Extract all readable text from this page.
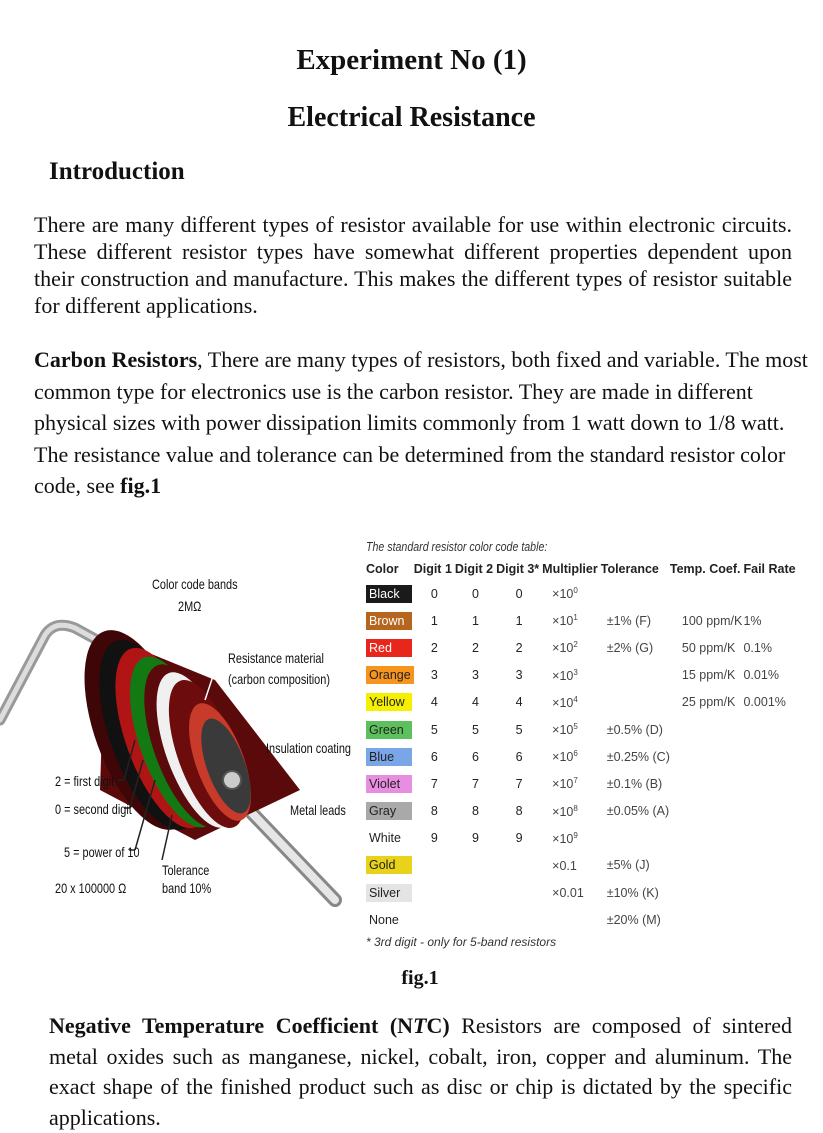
Experiment No (1)
Electrical Resistance
Introduction
There are many different types of resistor available for use within electronic circuits. These different resistor types have somewhat different properties dependent upon their construction and manufacture. This makes the different types of resistor suitable for different applications.
Carbon Resistors, There are many types of resistors, both fixed and variable. The most common type for electronics use is the carbon resistor. They are made in different physical sizes with power dissipation limits commonly from 1 watt down to 1/8 watt. The resistance value and tolerance can be determined from the standard resistor color code, see fig.1
Color code bands
2MΩ
Resistance material
(carbon composition)
Insulation coating
Metal leads
2 = first digit
0 = second digit
5 = power of 10
20 x 100000 Ω
Tolerance
band 10%
The standard resistor color code table:
Color	Digit 1	Digit 2	Digit 3*	Multiplier	Tolerance	Temp. Coef.	Fail Rate
Black	0	0	0	$\times 10^0$			
Brown	1	1	1	$\times 10^1$	±1% (F)	100 ppm/K	1%
Red	2	2	2	$\times 10^2$	±2% (G)	50 ppm/K	0.1%
Orange	3	3	3	$\times 10^3$		15 ppm/K	0.01%
Yellow	4	4	4	$\times 10^4$		25 ppm/K	0.001%
Green	5	5	5	$\times 10^5$	±0.5% (D)		
Blue	6	6	6	$\times 10^6$	±0.25% (C)		
Violet	7	7	7	$\times 10^7$	±0.1% (B)		
Gray	8	8	8	$\times 10^8$	±0.05% (A)		
White	9	9	9	$\times 10^9$			
Gold				×0.1	±5% (J)		
Silver				×0.01	±10% (K)		
None					±20% (M)		
* 3rd digit - only for 5-band resistors
fig.1
Negative Temperature Coefficient (NTC) Resistors are composed of sintered metal oxides such as manganese, nickel, cobalt, iron, copper and aluminum. The exact shape of the finished product such as disc or chip is dictated by the specific applications.
